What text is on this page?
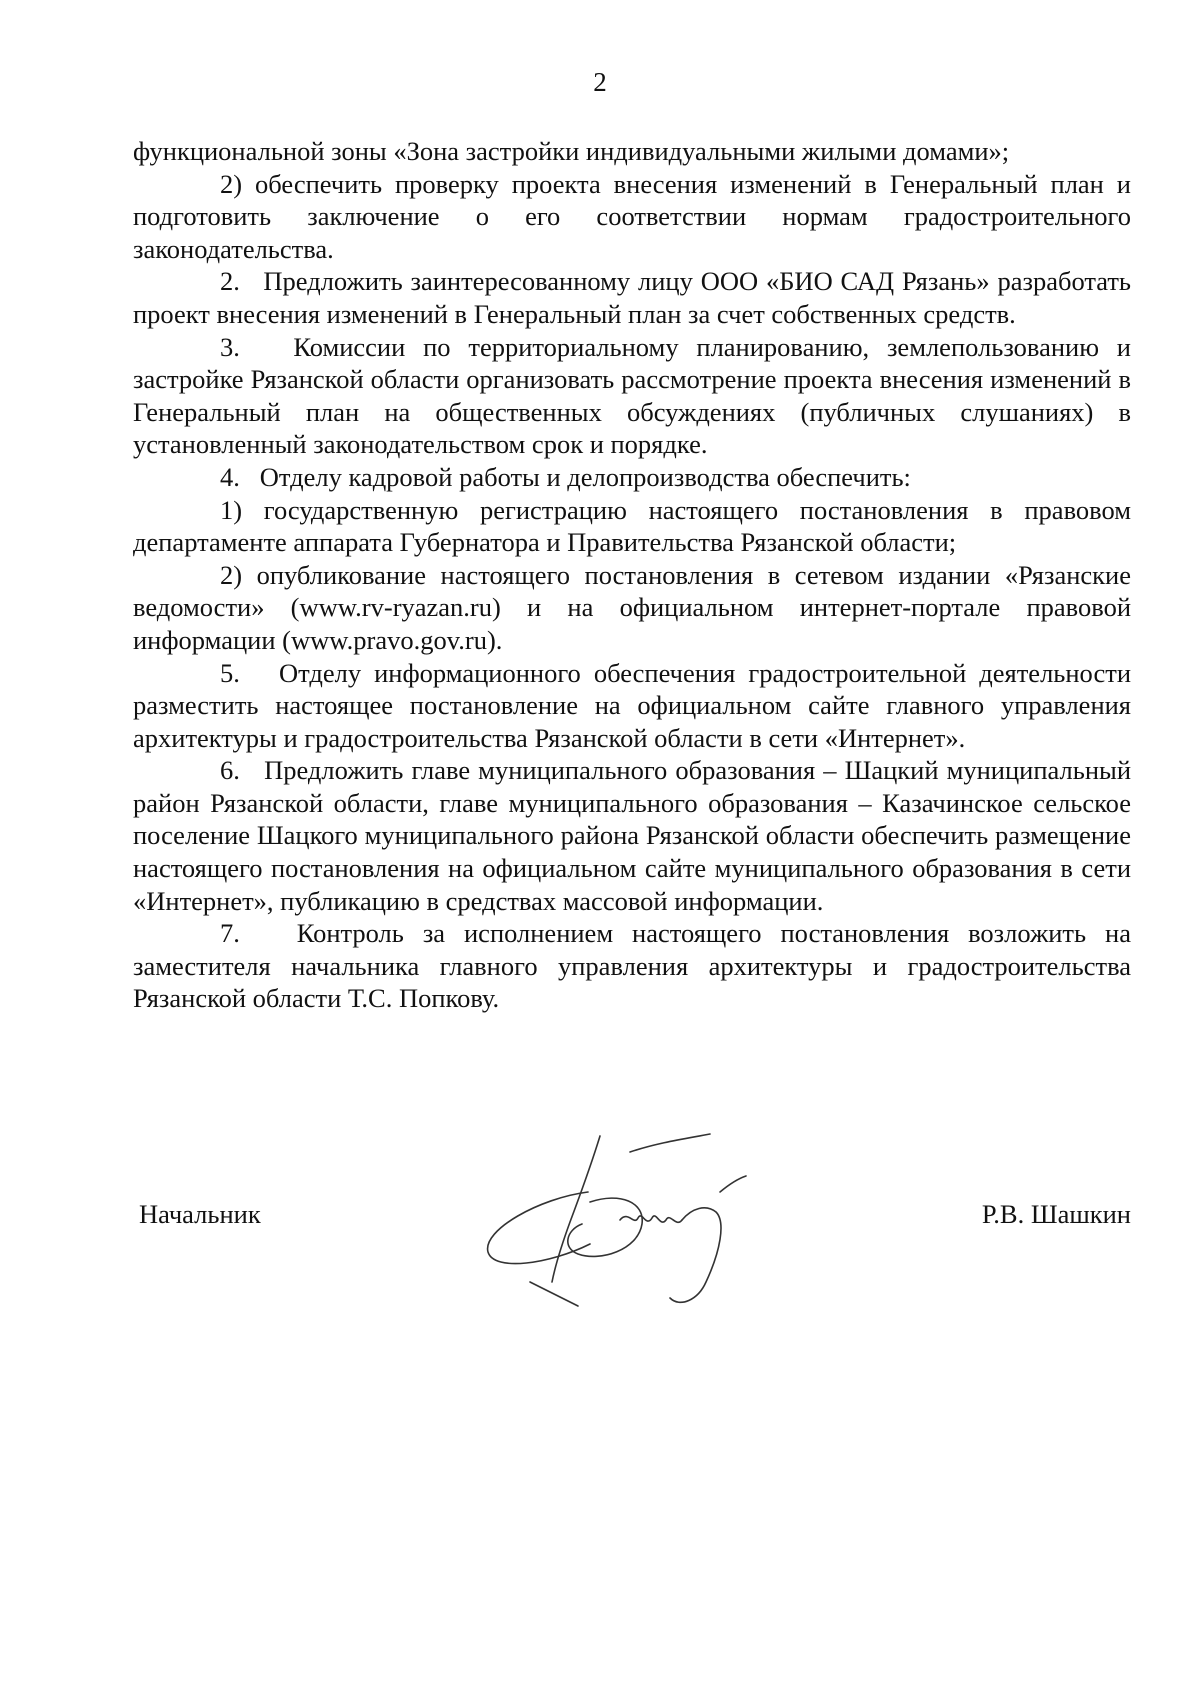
2

функциональной зоны «Зона застройки индивидуальными жилыми домами»;

2) обеспечить проверку проекта внесения изменений в Генеральный план и подготовить заключение о его соответствии нормам градостроительного законодательства.

2.   Предложить заинтересованному лицу ООО «БИО САД Рязань» разработать проект внесения изменений в Генеральный план за счет собственных средств.

3.   Комиссии по территориальному планированию, землепользованию и застройке Рязанской области организовать рассмотрение проекта внесения изменений в Генеральный план на общественных обсуждениях (публичных слушаниях) в установленный законодательством срок и порядке.

4.   Отделу кадровой работы и делопроизводства обеспечить:

1) государственную регистрацию настоящего постановления в правовом департаменте аппарата Губернатора и Правительства Рязанской области;

2) опубликование настоящего постановления в сетевом издании «Рязанские ведомости» (www.rv-ryazan.ru) и на официальном интернет-портале правовой информации (www.pravo.gov.ru).

5.   Отделу информационного обеспечения градостроительной деятельности разместить настоящее постановление на официальном сайте главного управления архитектуры и градостроительства Рязанской области в сети «Интернет».

6.   Предложить главе муниципального образования – Шацкий муниципальный район Рязанской области, главе муниципального образования – Казачинское сельское поселение Шацкого муниципального района Рязанской области обеспечить размещение настоящего постановления на официальном сайте муниципального образования в сети «Интернет», публикацию в средствах массовой информации.

7.   Контроль за исполнением настоящего постановления возложить на заместителя начальника главного управления архитектуры и градостроительства Рязанской области Т.С. Попкову.

Начальник	Р.В. Шашкин
